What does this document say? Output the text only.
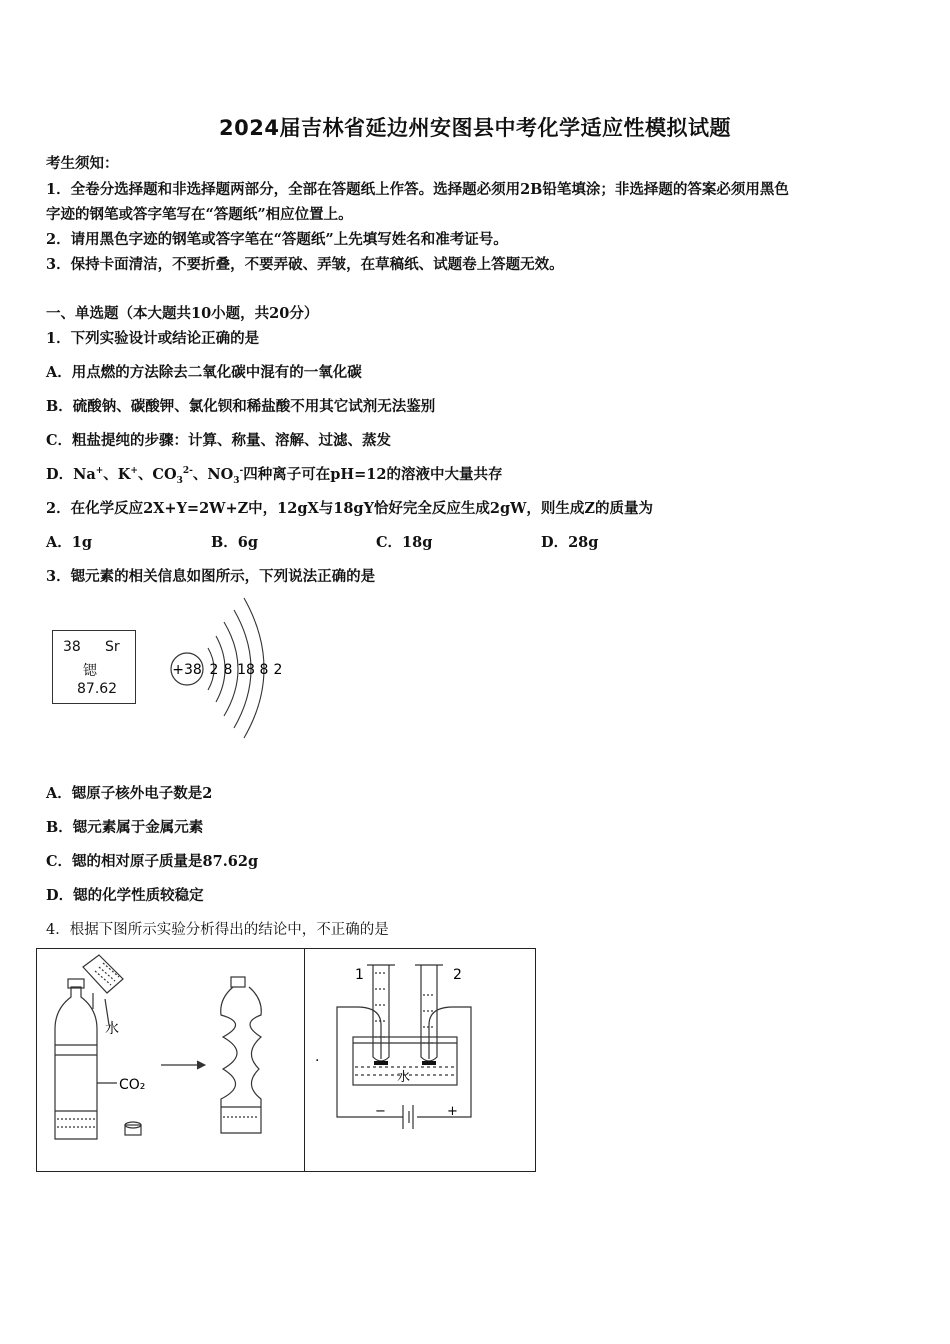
2024届吉林省延边州安图县中考化学适应性模拟试题
考生须知：
1．全卷分选择题和非选择题两部分，全部在答题纸上作答。选择题必须用2B铅笔填涂；非选择题的答案必须用黑色
字迹的钢笔或答字笔写在“答题纸”相应位置上。
2．请用黑色字迹的钢笔或答字笔在“答题纸”上先填写姓名和准考证号。
3．保持卡面清洁，不要折叠，不要弄破、弄皱，在草稿纸、试题卷上答题无效。
一、单选题（本大题共10小题，共20分）
1．下列实验设计或结论正确的是
A．用点燃的方法除去二氧化碳中混有的一氧化碳
B．硫酸钠、碳酸钾、氯化钡和稀盐酸不用其它试剂无法鉴别
C．粗盐提纯的步骤：计算、称量、溶解、过滤、蒸发
D．Na+、K+、$CO_3^{2-}$、$NO_3^-$四种离子可在pH=12的溶液中大量共存
2．在化学反应2X+Y=2W+Z中，12gX与18gY恰好完全反应生成2gW，则生成Z的质量为
A．1g	B．6g	C．18g	D．28g
3．锶元素的相关信息如图所示，下列说法正确的是
38 Sr
锶
87.62
+38 2 8 18 8 2
A．锶原子核外电子数是2
B．锶元素属于金属元素
C．锶的相对原子质量是87.62g
D．锶的化学性质较稳定
4．根据下图所示实验分析得出的结论中，不正确的是
水
CO₂
1	2
水
−	+
.
